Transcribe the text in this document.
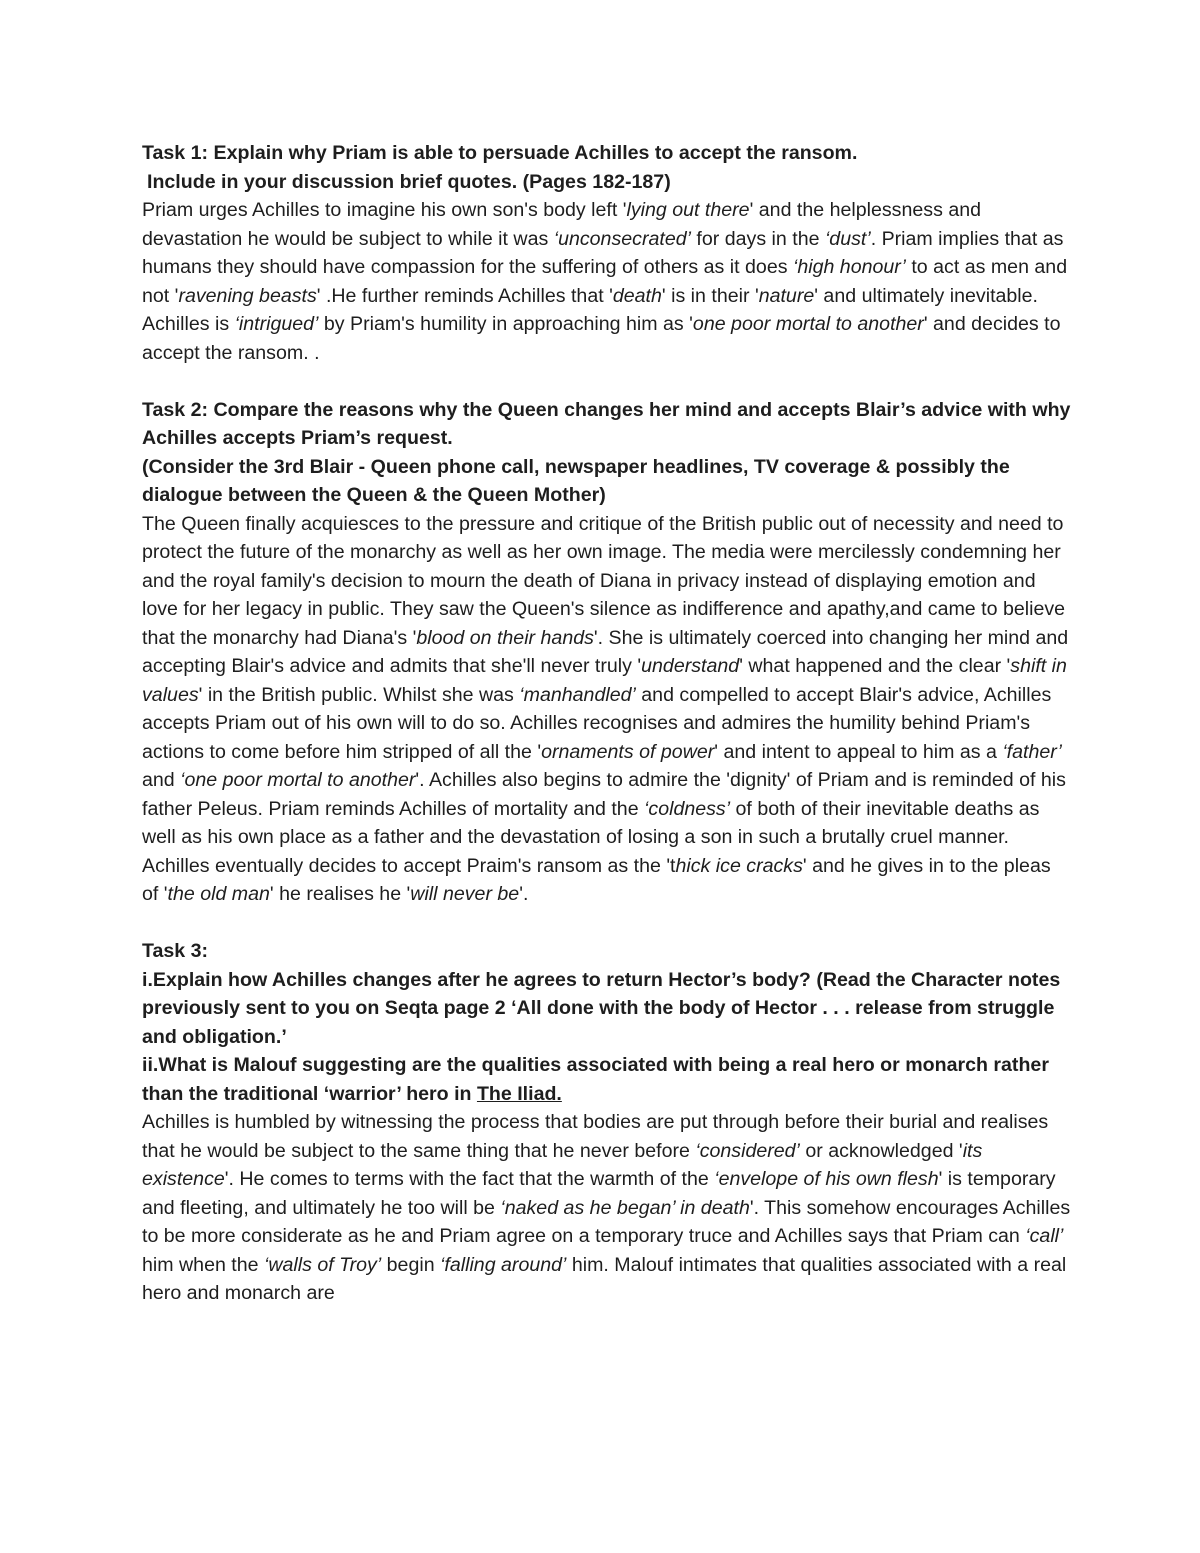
Task 1: Explain why Priam is able to persuade Achilles to accept the ransom.
Include in your discussion brief quotes. (Pages 182-187)

Priam urges Achilles to imagine his own son's body left 'lying out there' and the helplessness and devastation he would be subject to while it was ‘unconsecrated’ for days in the ‘dust’. Priam implies that as humans they should have compassion for the suffering of others as it does ‘high honour’ to act as men and not 'ravening beasts' .He further reminds Achilles that 'death' is in their 'nature' and ultimately inevitable. Achilles is ‘intrigued’ by Priam's humility in approaching him as 'one poor mortal to another' and decides to accept the ransom. .

Task 2: Compare the reasons why the Queen changes her mind and accepts Blair’s advice with why Achilles accepts Priam’s request.
(Consider the 3rd Blair - Queen phone call, newspaper headlines, TV coverage & possibly the dialogue between the Queen & the Queen Mother)

The Queen finally acquiesces to the pressure and critique of the British public out of necessity and need to protect the future of the monarchy as well as her own image. The media were mercilessly condemning her and the royal family's decision to mourn the death of Diana in privacy instead of displaying emotion and love for her legacy in public. They saw the Queen's silence as indifference and apathy,and came to believe that the monarchy had Diana's 'blood on their hands'. She is ultimately coerced into changing her mind and accepting Blair's advice and admits that she'll never truly 'understand' what happened and the clear 'shift in values' in the British public. Whilst she was ‘manhandled’ and compelled to accept Blair's advice, Achilles accepts Priam out of his own will to do so. Achilles recognises and admires the humility behind Priam's actions to come before him stripped of all the 'ornaments of power' and intent to appeal to him as a ‘father’ and ‘one poor mortal to another'. Achilles also begins to admire the 'dignity' of Priam and is reminded of his father Peleus. Priam reminds Achilles of mortality and the ‘coldness’ of both of their inevitable deaths as well as his own place as a father and the devastation of losing a son in such a brutally cruel manner. Achilles eventually decides to accept Praim's ransom as the 'thick ice cracks' and he gives in to the pleas of 'the old man' he realises he 'will never be'.

Task 3:
i.Explain how Achilles changes after he agrees to return Hector’s body? (Read the Character notes previously sent to you on Seqta page 2 ‘All done with the body of Hector . . . release from struggle and obligation.’
ii.What is Malouf suggesting are the qualities associated with being a real hero or monarch rather than the traditional ‘warrior’ hero in The Iliad.

Achilles is humbled by witnessing the process that bodies are put through before their burial and realises that he would be subject to the same thing that he never before ‘considered’ or acknowledged 'its existence'. He comes to terms with the fact that the warmth of the ‘envelope of his own flesh' is temporary and fleeting, and ultimately he too will be ‘naked as he began’ in death'. This somehow encourages Achilles to be more considerate as he and Priam agree on a temporary truce and Achilles says that Priam can ‘call’ him when the ‘walls of Troy’ begin ‘falling around’ him. Malouf intimates that qualities associated with a real hero and monarch are
